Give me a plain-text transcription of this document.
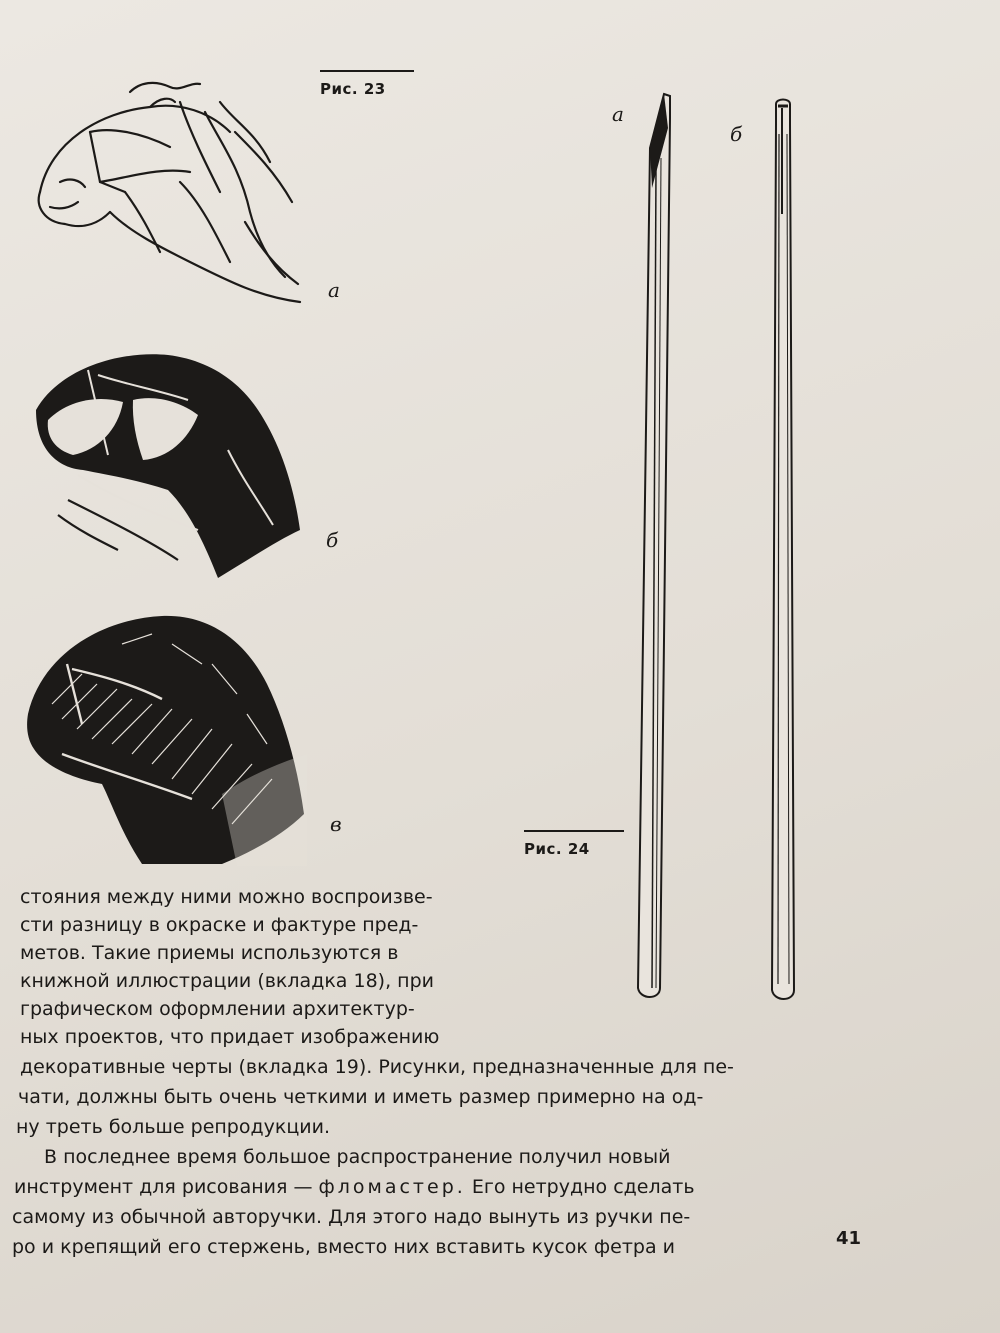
Рис. 23
а
б
в
а
б
Рис. 24
стояния между ними можно воспроизве-
сти разницу в окраске и фактуре пред-
метов. Такие приемы используются в
книжной иллюстрации (вкладка 18), при
графическом оформлении архитектур-
ных проектов, что придает изображению
декоративные черты (вкладка 19). Рисунки, предназначенные для пе-
чати, должны быть очень четкими и иметь размер примерно на од-
ну треть больше репродукции.
В последнее время большое распространение получил новый
инструмент для рисования — фломастер. Его нетрудно сделать
самому из обычной авторучки. Для этого надо вынуть из ручки пе-
ро и крепящий его стержень, вместо них вставить кусок фетра и	41
